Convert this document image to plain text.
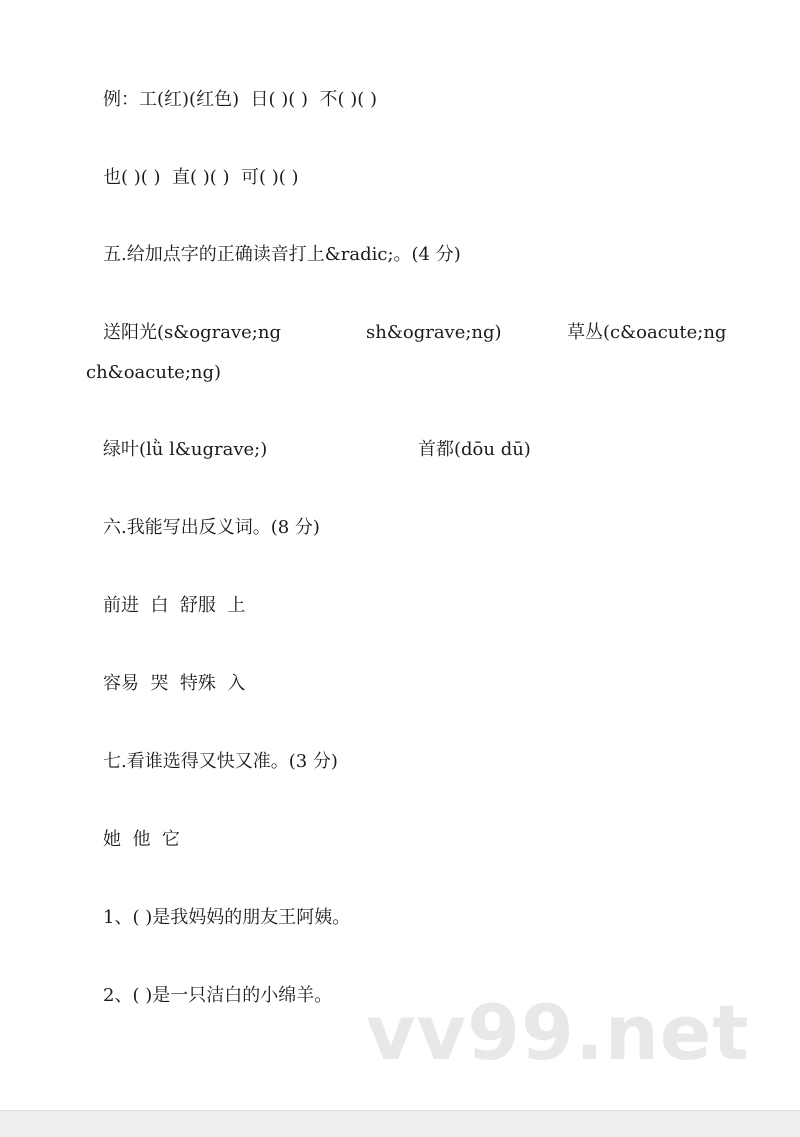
例：工(红)(红色)  日( )( )  不( )( )
也( )( )  直( )( )  可( )( )
五.给加点字的正确读音打上&radic;。(4 分)
送阳光(s&ograve;ng	sh&ograve;ng)	草丛(c&oacute;ng
ch&oacute;ng)
绿叶(lǜ l&ugrave;)	首都(dōu dū)
六.我能写出反义词。(8 分)
前进  白  舒服  上
容易  哭  特殊  入
七.看谁选得又快又准。(3 分)
她  他  它
1、( )是我妈妈的朋友王阿姨。
2、( )是一只洁白的小绵羊。 vv99.net
